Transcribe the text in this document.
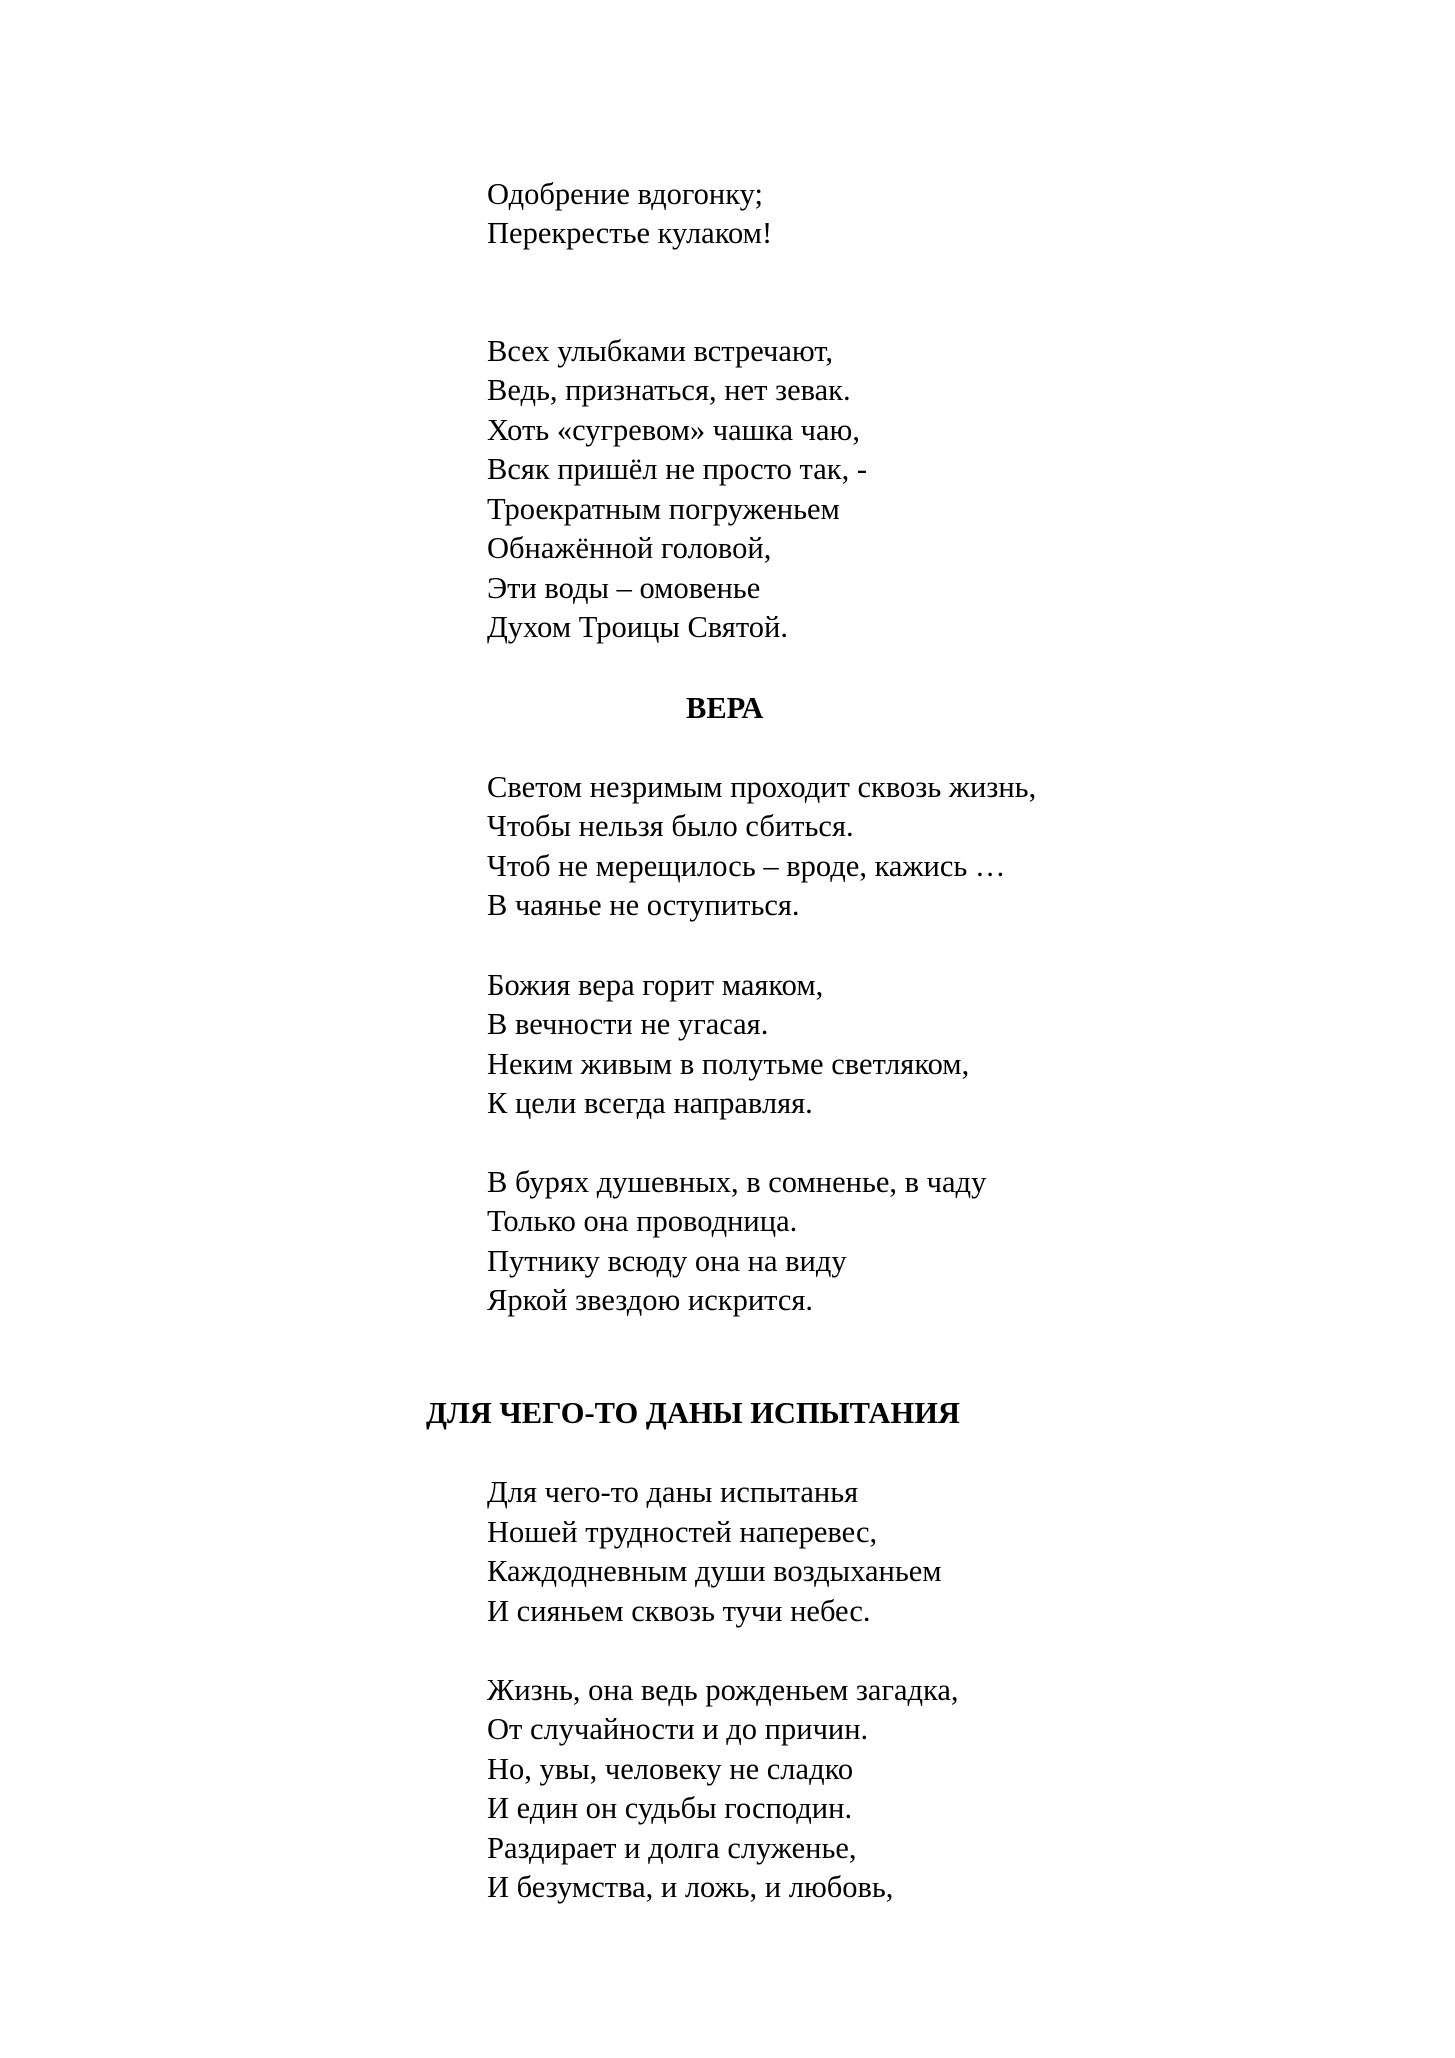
Одобрение вдогонку;
Перекрестье кулаком!
Всех улыбками встречают,
Ведь, признаться, нет зевак.
Хоть «сугревом» чашка чаю,
Всяк пришёл не просто так, -
Троекратным погруженьем
Обнажённой головой,
Эти воды – омовенье
Духом Троицы Святой.
ВЕРА
Светом незримым проходит сквозь жизнь,
Чтобы нельзя было сбиться.
Чтоб не мерещилось – вроде, кажись …
В чаянье не оступиться.
Божия вера горит маяком,
В вечности не угасая.
Неким живым в полутьме светляком,
К цели всегда направляя.
В бурях душевных, в сомненье, в чаду
Только она проводница.
Путнику всюду она на виду
Яркой звездою искрится.
ДЛЯ ЧЕГО-ТО ДАНЫ ИСПЫТАНИЯ
Для чего-то даны испытанья
Ношей трудностей наперевес,
Каждодневным души воздыханьем
И сияньем сквозь тучи небес.
Жизнь, она ведь рожденьем загадка,
От случайности и до причин.
Но, увы, человеку не сладко
И един он судьбы господин.
Раздирает и долга служенье,
И безумства, и ложь, и любовь,
